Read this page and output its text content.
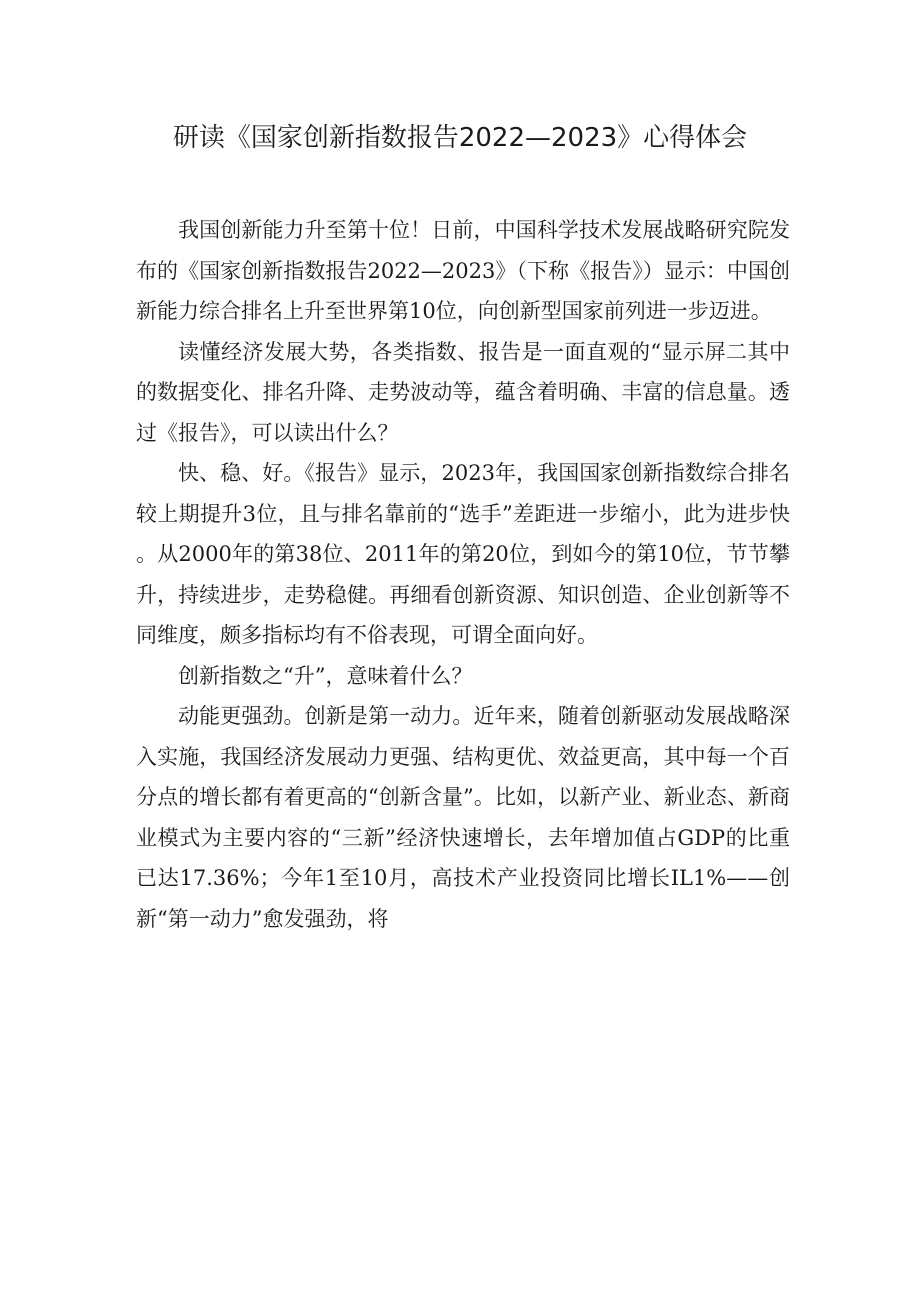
研读《国家创新指数报告2022—2023》心得体会

我国创新能力升至第十位！日前，中国科学技术发展战略研究院发布的《国家创新指数报告2022—2023》（下称《报告》）显示：中国创新能力综合排名上升至世界第10位，向创新型国家前列进一步迈进。

读懂经济发展大势，各类指数、报告是一面直观的“显示屏二其中的数据变化、排名升降、走势波动等，蕴含着明确、丰富的信息量。透过《报告》，可以读出什么？

快、稳、好。《报告》显示，2023年，我国国家创新指数综合排名较上期提升3位，且与排名靠前的“选手”差距进一步缩小，此为进步快。从2000年的第38位、2011年的第20位，到如今的第10位，节节攀升，持续进步，走势稳健。再细看创新资源、知识创造、企业创新等不同维度，颇多指标均有不俗表现，可谓全面向好。

创新指数之“升”，意味着什么？

动能更强劲。创新是第一动力。近年来，随着创新驱动发展战略深入实施，我国经济发展动力更强、结构更优、效益更高，其中每一个百分点的增长都有着更高的“创新含量”。比如，以新产业、新业态、新商业模式为主要内容的“三新”经济快速增长，去年增加值占GDP的比重已达17.36%；今年1至10月，高技术产业投资同比增长IL1%——创新“第一动力”愈发强劲，将
